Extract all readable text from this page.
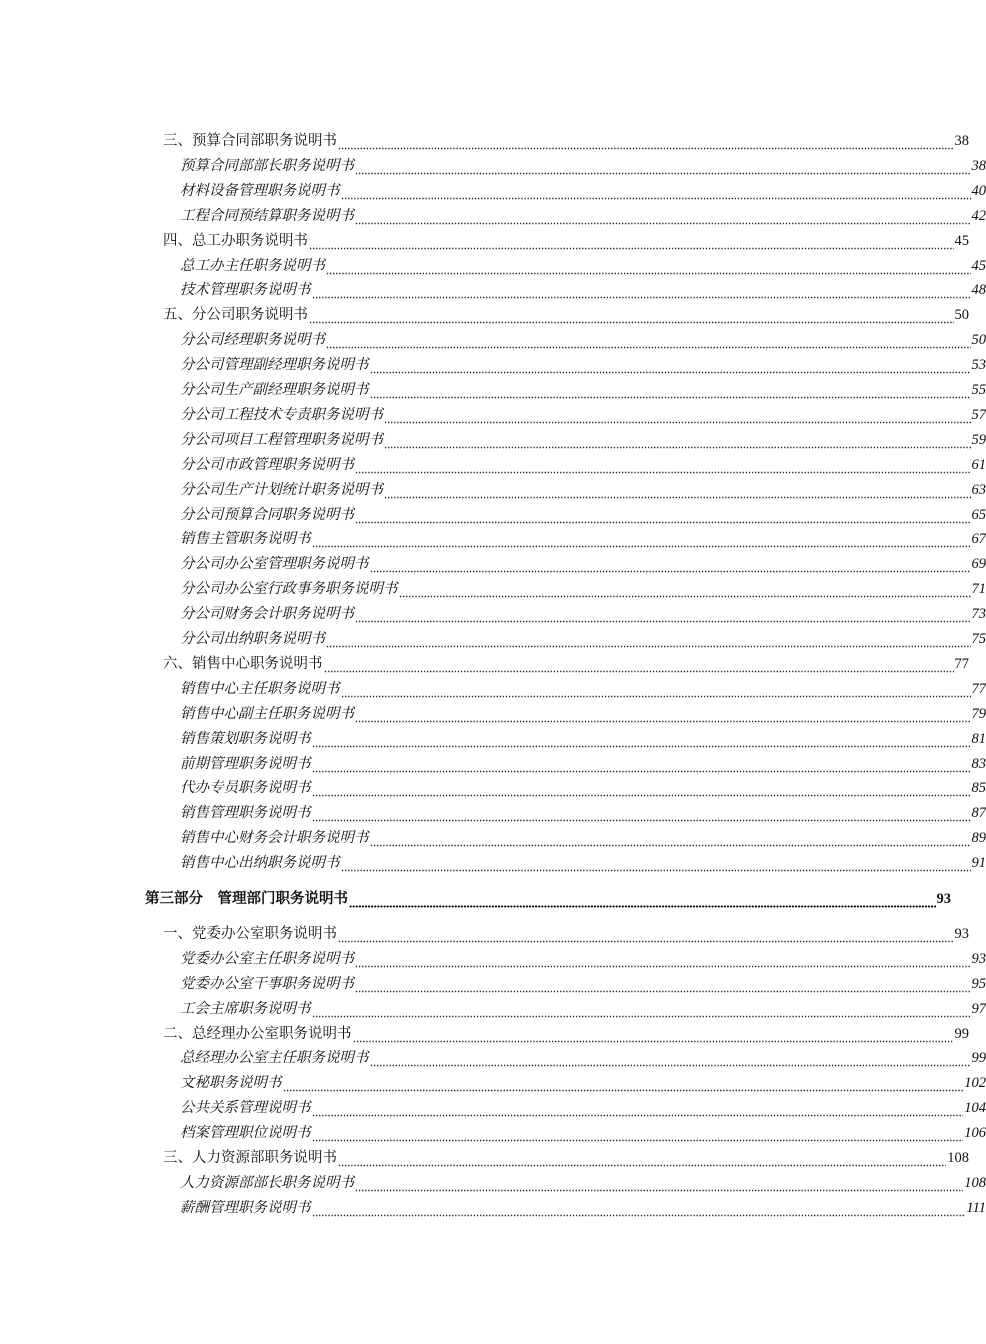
三、预算合同部职务说明书	38
预算合同部部长职务说明书	38
材料设备管理职务说明书	40
工程合同预结算职务说明书	42
四、总工办职务说明书	45
总工办主任职务说明书	45
技术管理职务说明书	48
五、分公司职务说明书	50
分公司经理职务说明书	50
分公司管理副经理职务说明书	53
分公司生产副经理职务说明书	55
分公司工程技术专责职务说明书	57
分公司项目工程管理职务说明书	59
分公司市政管理职务说明书	61
分公司生产计划统计职务说明书	63
分公司预算合同职务说明书	65
销售主管职务说明书	67
分公司办公室管理职务说明书	69
分公司办公室行政事务职务说明书	71
分公司财务会计职务说明书	73
分公司出纳职务说明书	75
六、销售中心职务说明书	77
销售中心主任职务说明书	77
销售中心副主任职务说明书	79
销售策划职务说明书	81
前期管理职务说明书	83
代办专员职务说明书	85
销售管理职务说明书	87
销售中心财务会计职务说明书	89
销售中心出纳职务说明书	91
第三部分　管理部门职务说明书	93
一、党委办公室职务说明书	93
党委办公室主任职务说明书	93
党委办公室干事职务说明书	95
工会主席职务说明书	97
二、总经理办公室职务说明书	99
总经理办公室主任职务说明书	99
文秘职务说明书	102
公共关系管理说明书	104
档案管理职位说明书	106
三、人力资源部职务说明书	108
人力资源部部长职务说明书	108
薪酬管理职务说明书	111
